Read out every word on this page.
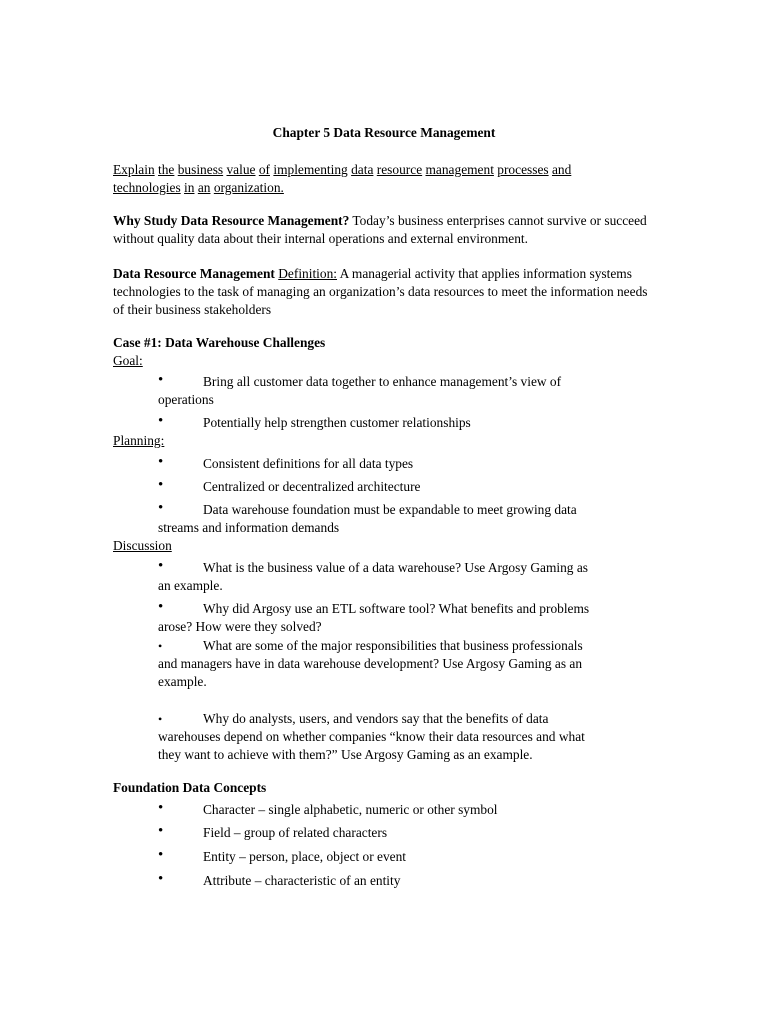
Chapter 5 Data Resource Management
Explain the business value of implementing data resource management processes and
technologies in an organization.
Why Study Data Resource Management? Today’s business enterprises cannot survive or succeed without quality data about their internal operations and external environment.
Data Resource Management Definition: A managerial activity that applies information systems technologies to the task of managing an organization’s data resources to meet the information needs of their business stakeholders
Case #1: Data Warehouse Challenges
Goal:
•	Bring all customer data together to enhance management’s view of
operations
•	Potentially help strengthen customer relationships
Planning:
•	Consistent definitions for all data types
•	Centralized or decentralized architecture
•	Data warehouse foundation must be expandable to meet growing data
streams and information demands
Discussion
•	What is the business value of a data warehouse? Use Argosy Gaming as
an example.
•	Why did Argosy use an ETL software tool? What benefits and problems
arose? How were they solved?
•	What are some of the major responsibilities that business professionals
and managers have in data warehouse development? Use Argosy Gaming as an
example.
•	Why do analysts, users, and vendors say that the benefits of data
warehouses depend on whether companies “know their data resources and what
they want to achieve with them?” Use Argosy Gaming as an example.
Foundation Data Concepts
•	Character – single alphabetic, numeric or other symbol
•	Field – group of related characters
•	Entity – person, place, object or event
•	Attribute – characteristic of an entity
